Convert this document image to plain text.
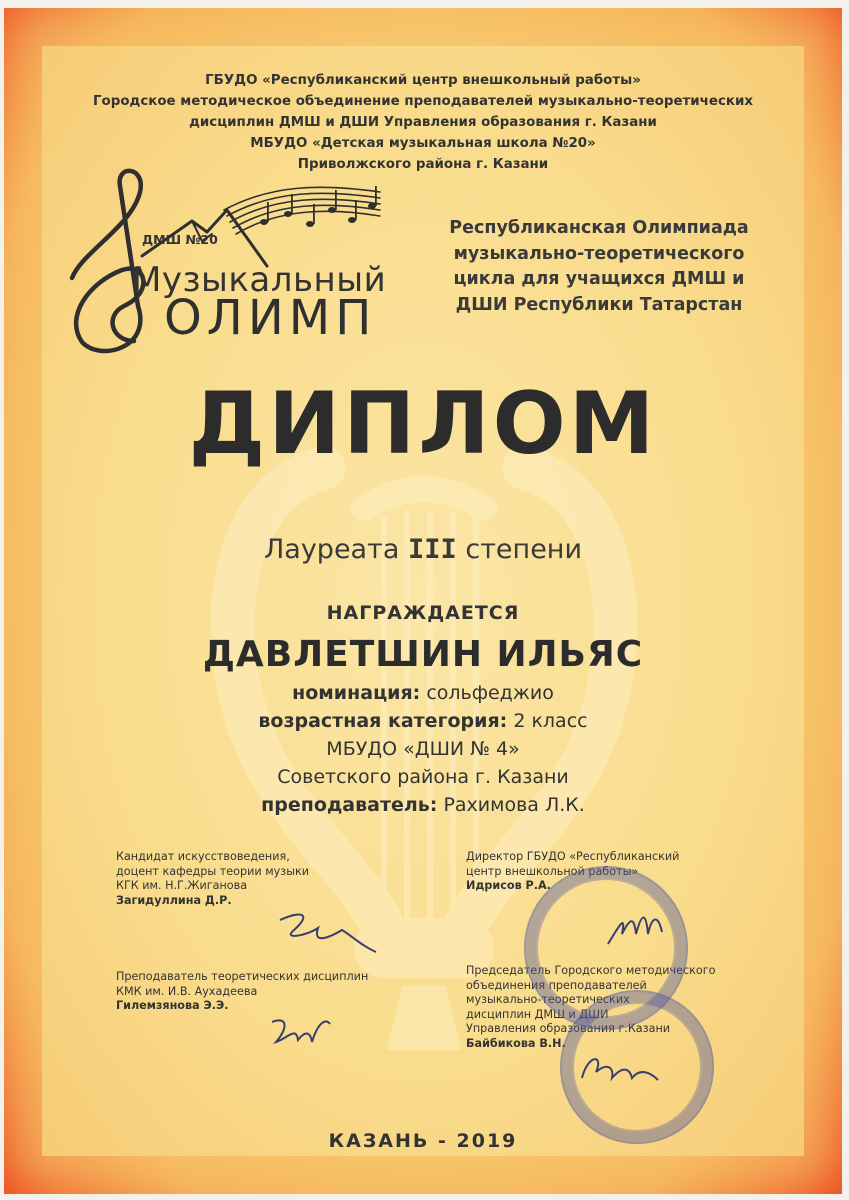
ГБУДО «Республиканский центр внешкольный работы»
Городское методическое объединение преподавателей музыкально-теоретических
дисциплин ДМШ и ДШИ Управления образования г. Казани
МБУДО «Детская музыкальная школа №20»
Приволжского района г. Казани
ДМШ №20
Музыкальный
ОЛИМП
Республиканская Олимпиада
музыкально-теоретического
цикла для учащихся ДМШ и
ДШИ Республики Татарстан
ДИПЛОМ
Лауреата III степени
НАГРАЖДАЕТСЯ
ДАВЛЕТШИН ИЛЬЯС
номинация: сольфеджио
возрастная категория: 2 класс
МБУДО «ДШИ № 4»
Советского района г. Казани
преподаватель: Рахимова Л.К.
Кандидат искусствоведения,
доцент кафедры теории музыки
КГК им. Н.Г.Жиганова
Загидуллина Д.Р.
Преподаватель теоретических дисциплин
КМК им. И.В. Аухадеева
Гилемзянова Э.Э.
Директор ГБУДО «Республиканский
центр внешкольной работы»
Идрисов Р.А.
Председатель Городского методического
объединения преподавателей
музыкально-теоретических
дисциплин ДМШ и ДШИ
Управления образования г.Казани
Байбикова В.Н.
КАЗАНЬ - 2019
